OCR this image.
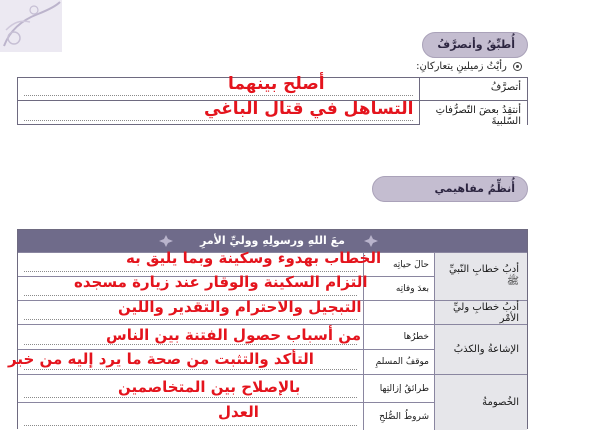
أُطبِّقُ وأتصرَّفُ
رأيْتُ زميلينِ يتعاركانِ:
أتصرَّفُ
أنتقِدُ بعضَ التّصرُّفاتِ السّلبيةَ
أصلح بينهما
التساهل في قتال الباغي
أُنظِّمُ مفاهيمي
معَ اللهِ ورسولِهِ ووليِّ الأمرِ
أدبُ خطابِ النّبيِّ ﷺ
أدبُ خطابِ وليِّ الأمْرِ
الإشاعةُ والكذبُ
الخُصومةُ
حالَ حياتِه
بعدَ وفاتِه
خطرُها
موقفُ المسلمِ
طرائقُ إزالتِها
شروطُ الصُّلحِ
الخطاب بهدوء وسكينة وبما يليق به
التزام السكينة والوقار عند زيارة مسجده
التبجيل والاحترام والتقدير واللين
من أسباب حصول الفتنة بين الناس
التأكد والتثبت من صحة ما يرد إليه من خبر
بالإصلاح بين المتخاصمين
العدل
